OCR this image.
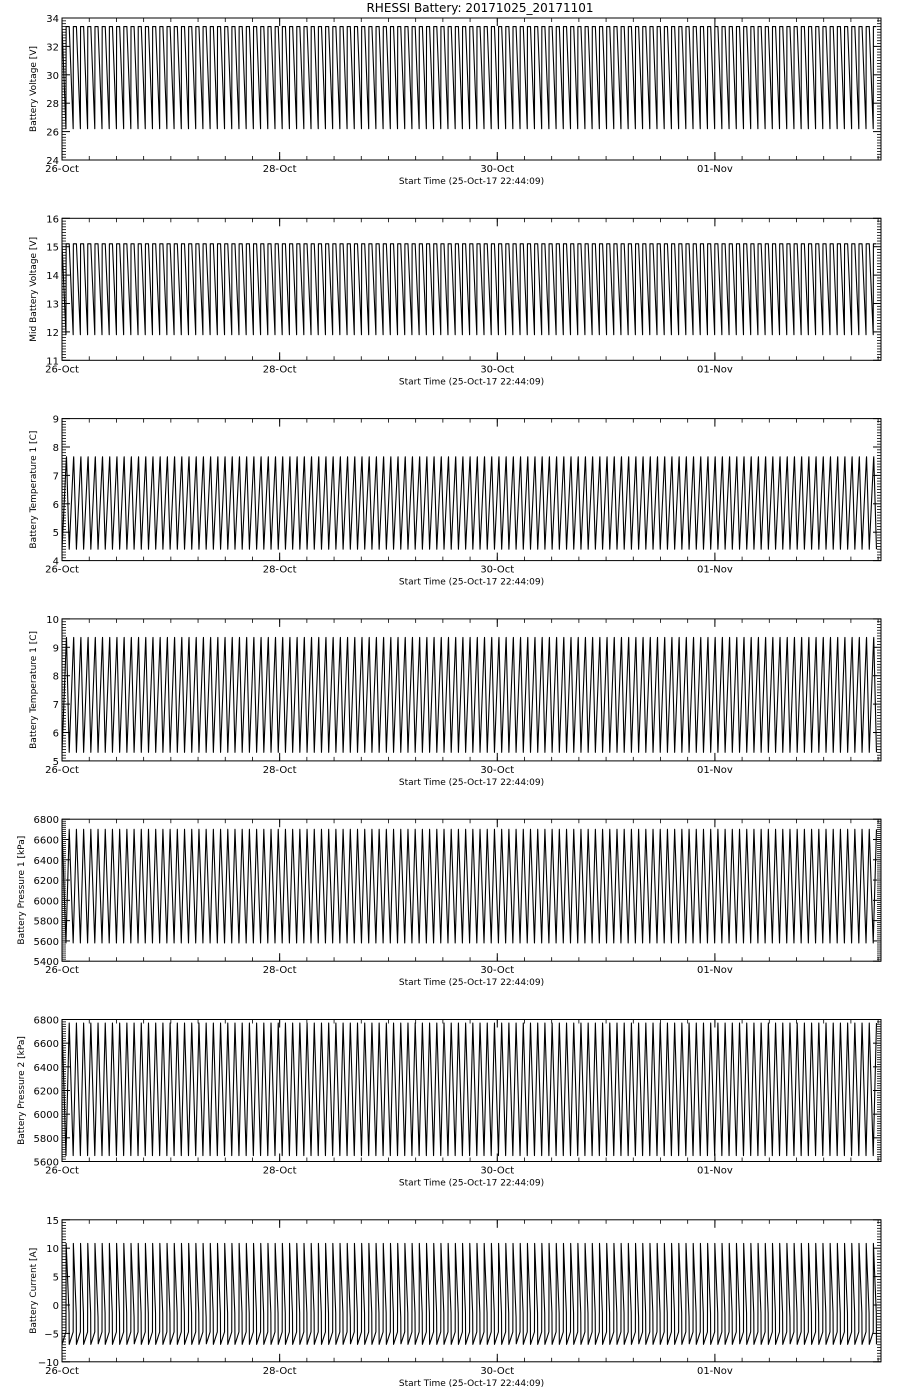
RHESSI Battery: 20171025_20171101
24
26
28
30
32
34
26-Oct	28-Oct	30-Oct	01-Nov
Start Time (25-Oct-17 22:44:09)
Battery Voltage [V]
11
12
13
14
15
16
26-Oct	28-Oct	30-Oct	01-Nov
Start Time (25-Oct-17 22:44:09)
Mid Battery Voltage [V]
4
5
6
7
8
9
26-Oct	28-Oct	30-Oct	01-Nov
Start Time (25-Oct-17 22:44:09)
Battery Temperature 1 [C]
5
6
7
8
9
10
26-Oct	28-Oct	30-Oct	01-Nov
Start Time (25-Oct-17 22:44:09)
Battery Temperature 1 [C]
5400
5600
5800
6000
6200
6400
6600
6800
26-Oct	28-Oct	30-Oct	01-Nov
Start Time (25-Oct-17 22:44:09)
Battery Pressure 1 [kPa]
5600
5800
6000
6200
6400
6600
6800
26-Oct	28-Oct	30-Oct	01-Nov
Start Time (25-Oct-17 22:44:09)
Battery Pressure 2 [kPa]
−10
−5
0
5
10
15
26-Oct	28-Oct	30-Oct	01-Nov
Start Time (25-Oct-17 22:44:09)
Battery Current [A]
